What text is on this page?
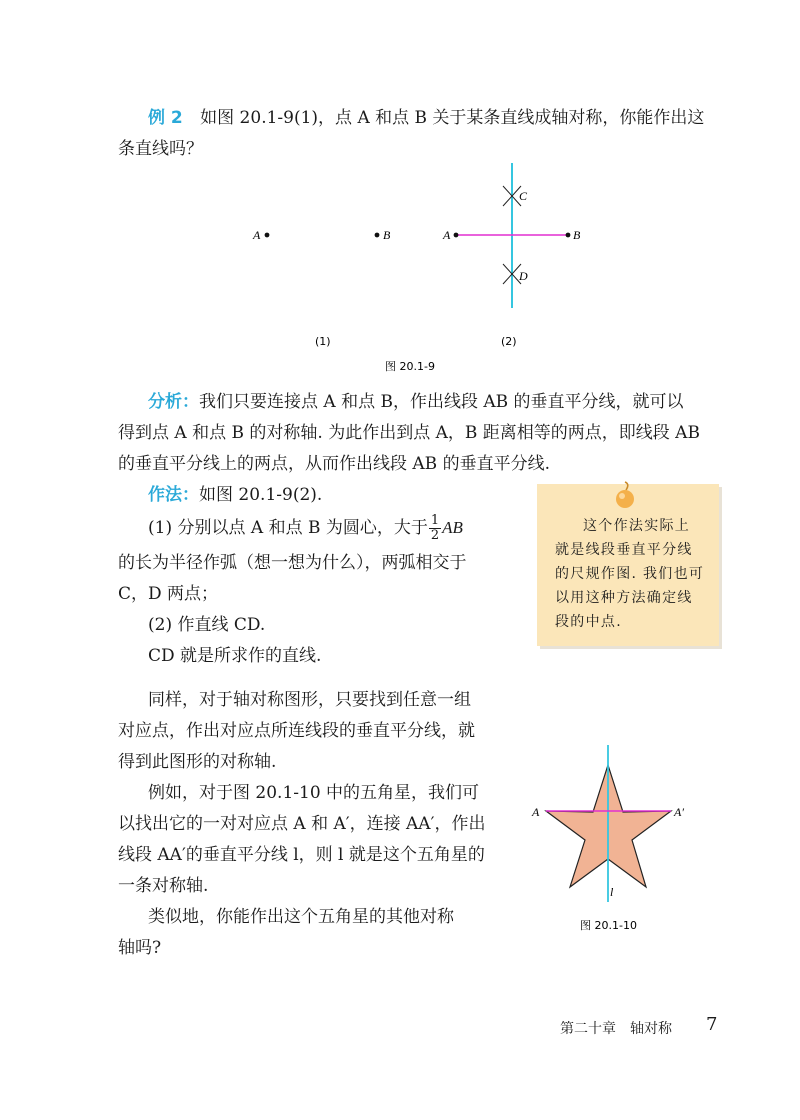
例 2 如图 20.1-9(1)，点 A 和点 B 关于某条直线成轴对称，你能作出这
条直线吗？
A	B	A	B
C
D
(1)	(2)
图 20.1-9
分析：我们只要连接点 A 和点 B，作出线段 AB 的垂直平分线，就可以
得到点 A 和点 B 的对称轴. 为此作出到点 A，B 距离相等的两点，即线段 AB
的垂直平分线上的两点，从而作出线段 AB 的垂直平分线.
作法：如图 20.1-9(2).
(1) 分别以点 A 和点 B 为圆心，大于 $\frac{1}{2}$ AB
的长为半径作弧（想一想为什么），两弧相交于
C，D 两点；
(2) 作直线 CD.
CD 就是所求作的直线.
这个作法实际上就是线段垂直平分线的尺规作图. 我们也可以用这种方法确定线段的中点.
同样，对于轴对称图形，只要找到任意一组
对应点，作出对应点所连线段的垂直平分线，就
得到此图形的对称轴.
例如，对于图 20.1-10 中的五角星，我们可
以找出它的一对对应点 A 和 A′，连接 AA′，作出
线段 AA′的垂直平分线 l，则 l 就是这个五角星的
一条对称轴.
类似地，你能作出这个五角星的其他对称
轴吗?
A	A′
l
图 20.1-10
第二十章　轴对称 7
